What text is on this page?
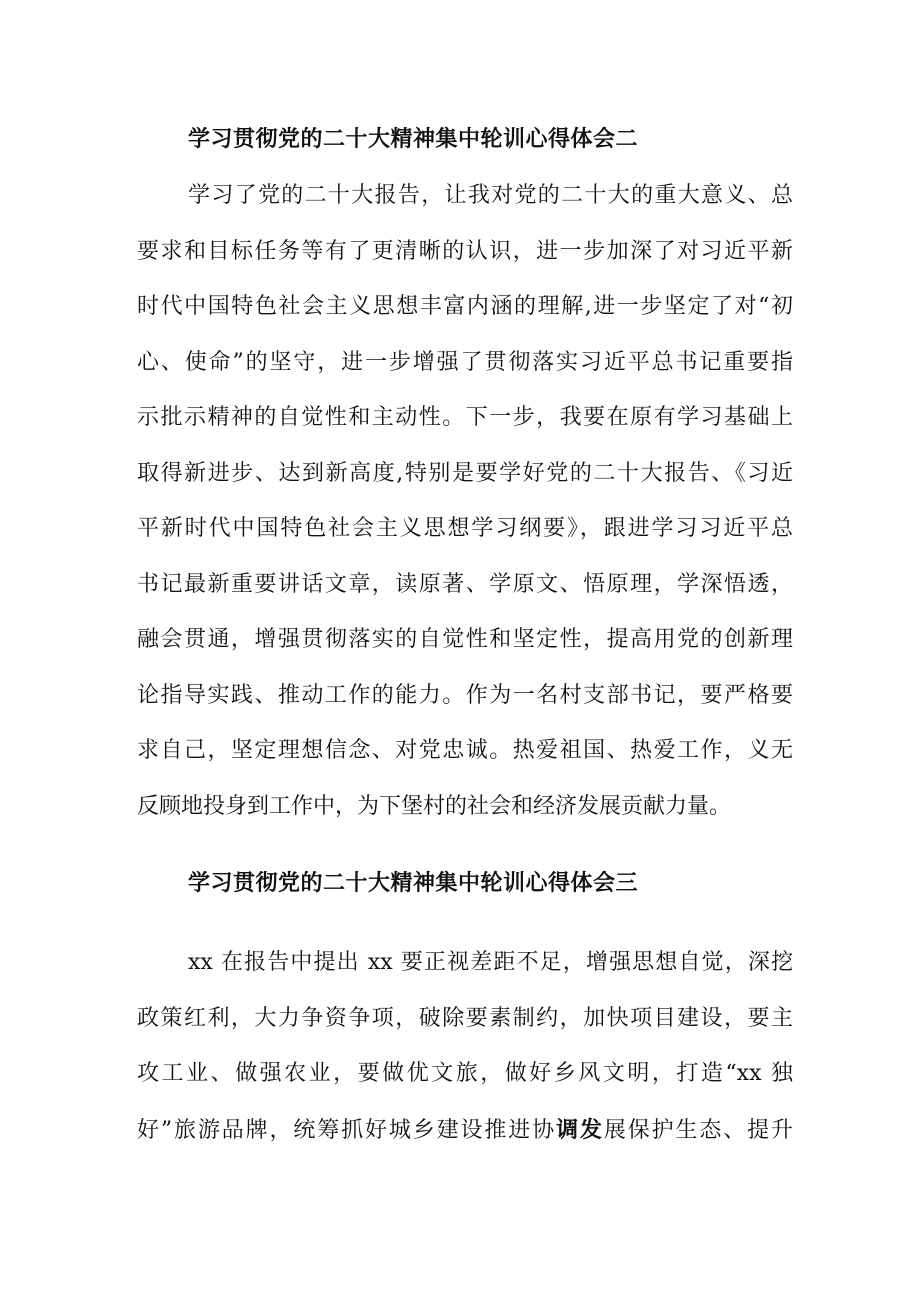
学习贯彻党的二十大精神集中轮训心得体会二
学习了党的二十大报告，让我对党的二十大的重大意义、总
要求和目标任务等有了更清晰的认识，进一步加深了对习近平新
时代中国特色社会主义思想丰富内涵的理解,进一步坚定了对“初
心、使命”的坚守，进一步增强了贯彻落实习近平总书记重要指
示批示精神的自觉性和主动性。下一步，我要在原有学习基础上
取得新进步、达到新高度,特别是要学好党的二十大报告、《习近
平新时代中国特色社会主义思想学习纲要》，跟进学习习近平总
书记最新重要讲话文章，读原著、学原文、悟原理，学深悟透，
融会贯通，增强贯彻落实的自觉性和坚定性，提高用党的创新理
论指导实践、推动工作的能力。作为一名村支部书记，要严格要
求自己，坚定理想信念、对党忠诚。热爱祖国、热爱工作，义无
反顾地投身到工作中，为下堡村的社会和经济发展贡献力量。
学习贯彻党的二十大精神集中轮训心得体会三
xx 在报告中提出 xx 要正视差距不足，增强思想自觉，深挖
政策红利，大力争资争项，破除要素制约，加快项目建设，要主
攻工业、做强农业，要做优文旅，做好乡风文明，打造“xx 独
好”旅游品牌，统筹抓好城乡建设推进协调发展保护生态、提升
